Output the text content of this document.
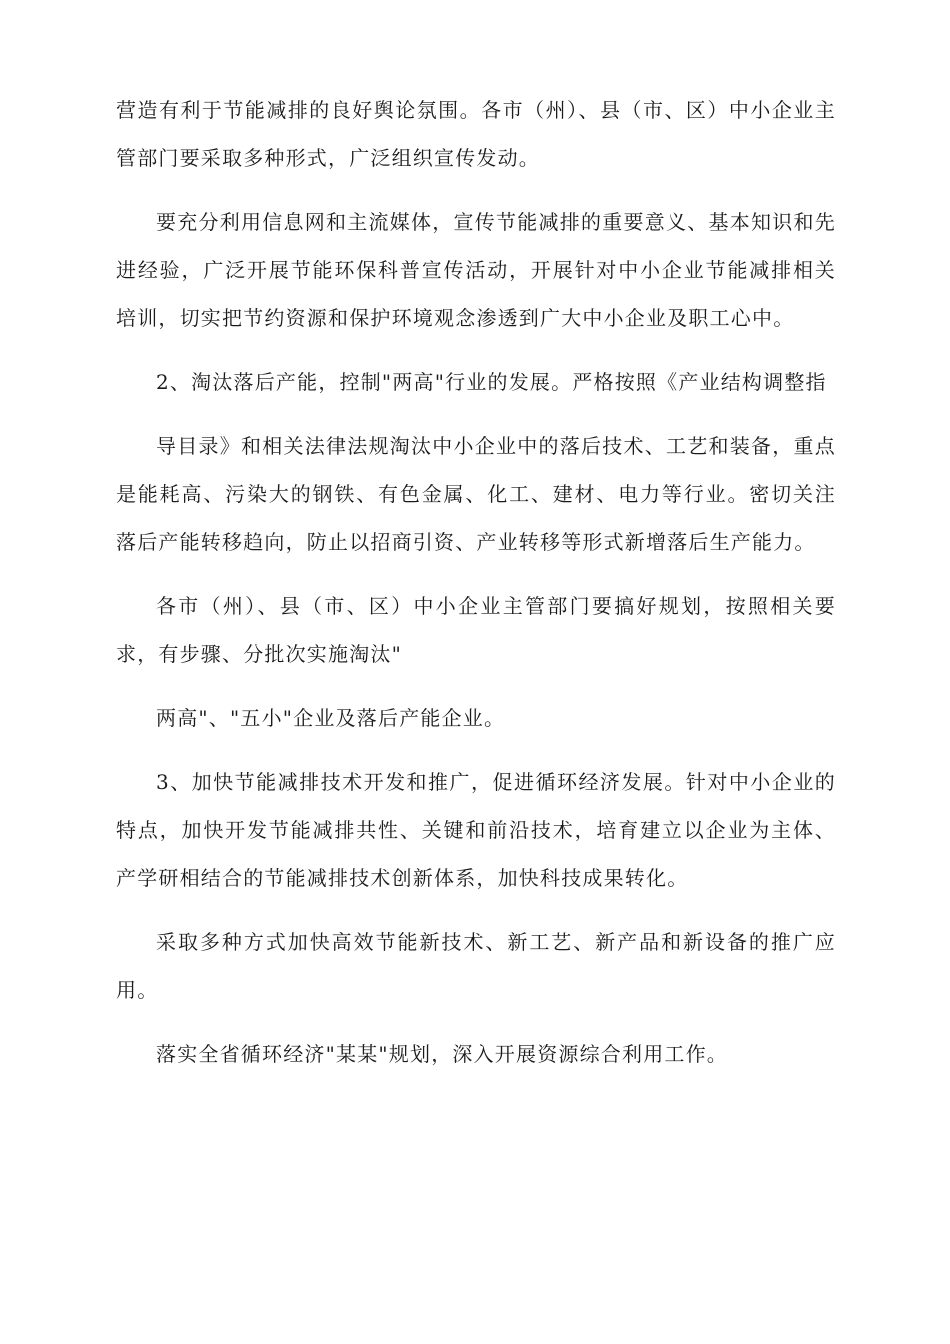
营造有利于节能减排的良好舆论氛围。各市（州）、县（市、区）中小企业主管部门要采取多种形式，广泛组织宣传发动。

要充分利用信息网和主流媒体，宣传节能减排的重要意义、基本知识和先进经验，广泛开展节能环保科普宣传活动，开展针对中小企业节能减排相关培训，切实把节约资源和保护环境观念渗透到广大中小企业及职工心中。

2、淘汰落后产能，控制"两高"行业的发展。严格按照《产业结构调整指

导目录》和相关法律法规淘汰中小企业中的落后技术、工艺和装备，重点是能耗高、污染大的钢铁、有色金属、化工、建材、电力等行业。密切关注落后产能转移趋向，防止以招商引资、产业转移等形式新增落后生产能力。

各市（州）、县（市、区）中小企业主管部门要搞好规划，按照相关要求，有步骤、分批次实施淘汰"

两高"、"五小"企业及落后产能企业。

3、加快节能减排技术开发和推广，促进循环经济发展。针对中小企业的特点，加快开发节能减排共性、关键和前沿技术，培育建立以企业为主体、产学研相结合的节能减排技术创新体系，加快科技成果转化。

采取多种方式加快高效节能新技术、新工艺、新产品和新设备的推广应用。

落实全省循环经济"某某"规划，深入开展资源综合利用工作。
